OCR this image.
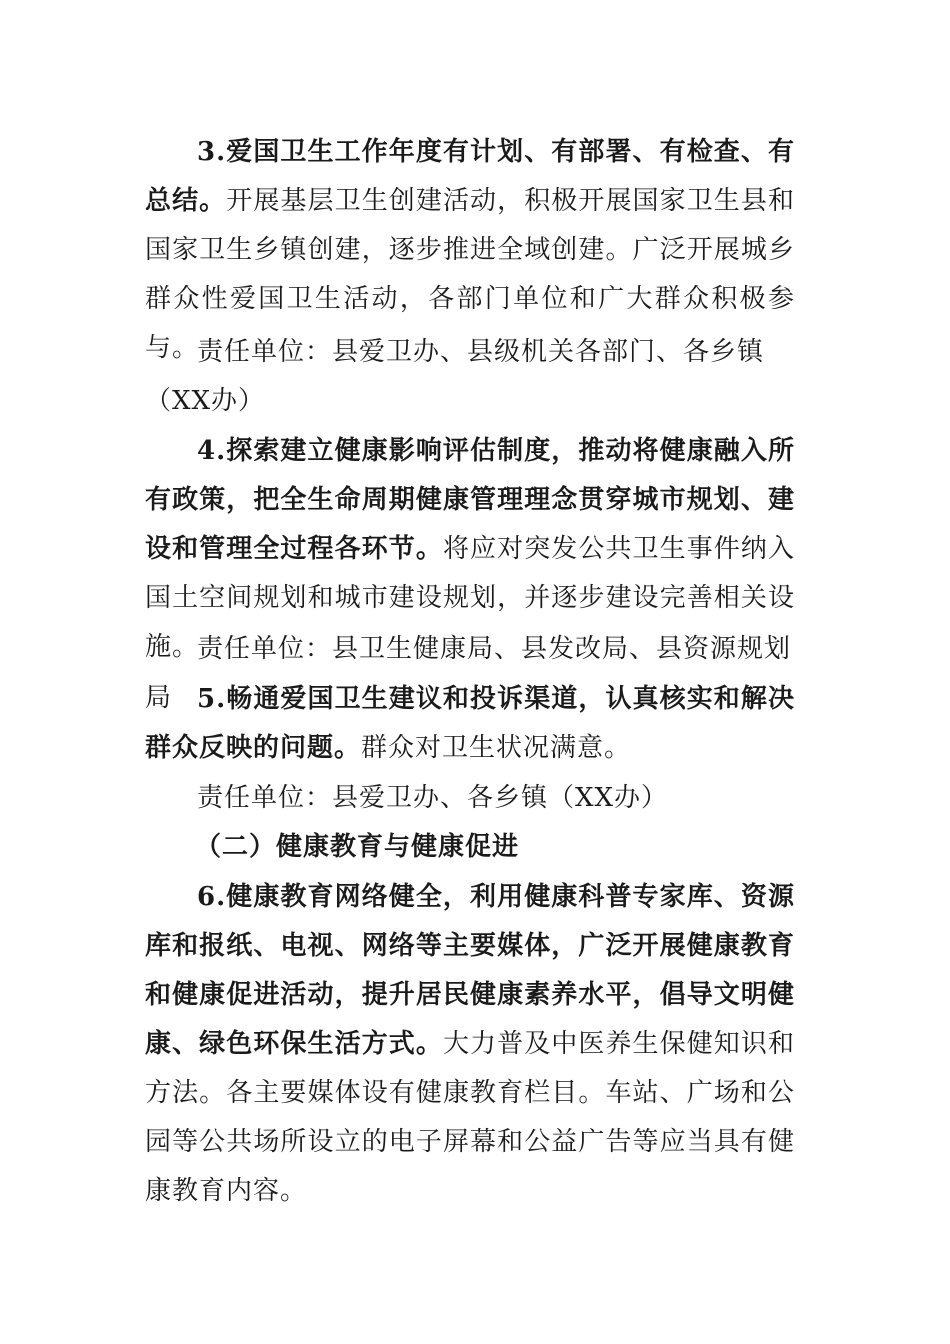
3.爱国卫生工作年度有计划、有部署、有检查、有总结。开展基层卫生创建活动，积极开展国家卫生县和国家卫生乡镇创建，逐步推进全域创建。广泛开展城乡群众性爱国卫生活动，各部门单位和广大群众积极参与。

责任单位：县爱卫办、县级机关各部门、各乡镇（XX办）

4.探索建立健康影响评估制度，推动将健康融入所有政策，把全生命周期健康管理理念贯穿城市规划、建设和管理全过程各环节。将应对突发公共卫生事件纳入国土空间规划和城市建设规划，并逐步建设完善相关设施。

责任单位：县卫生健康局、县发改局、县资源规划局 5.畅通爱国卫生建议和投诉渠道，认真核实和解决群众反映的问题。群众对卫生状况满意。

责任单位：县爱卫办、各乡镇（XX办）

（二）健康教育与健康促进

6.健康教育网络健全，利用健康科普专家库、资源库和报纸、电视、网络等主要媒体，广泛开展健康教育和健康促进活动，提升居民健康素养水平，倡导文明健康、绿色环保生活方式。大力普及中医养生保健知识和方法。各主要媒体设有健康教育栏目。车站、广场和公园等公共场所设立的电子屏幕和公益广告等应当具有健康教育内容。
